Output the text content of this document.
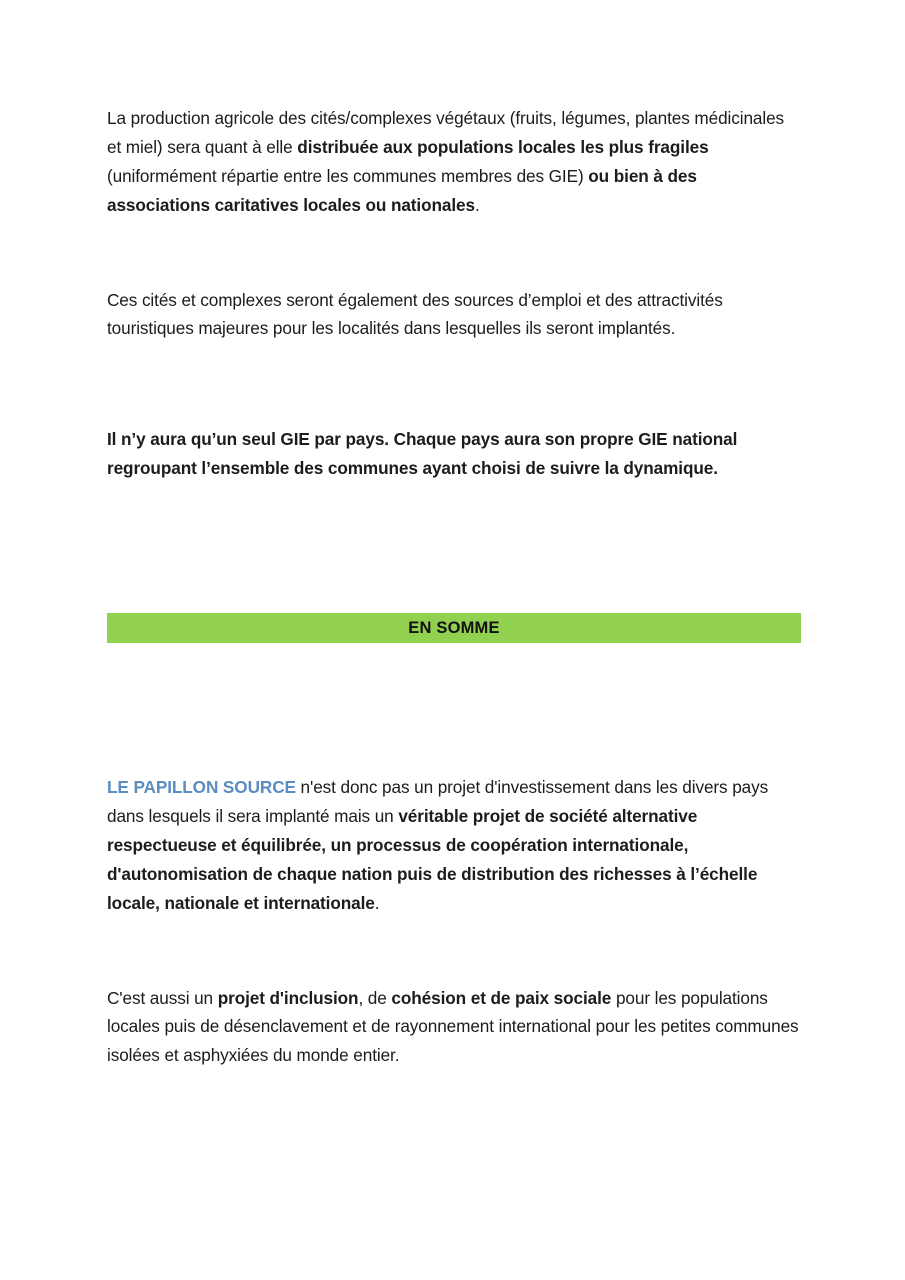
La production agricole des cités/complexes végétaux (fruits, légumes, plantes médicinales et miel) sera quant à elle distribuée aux populations locales les plus fragiles (uniformément répartie entre les communes membres des GIE) ou bien à des associations caritatives locales ou nationales.

Ces cités et complexes seront également des sources d’emploi et des attractivités touristiques majeures pour les localités dans lesquelles ils seront implantés.

Il n’y aura qu’un seul GIE par pays. Chaque pays aura son propre GIE national regroupant l’ensemble des communes ayant choisi de suivre la dynamique.

EN SOMME

LE PAPILLON SOURCE n'est donc pas un projet d'investissement dans les divers pays dans lesquels il sera implanté mais un véritable projet de société alternative respectueuse et équilibrée, un processus de coopération internationale, d'autonomisation de chaque nation puis de distribution des richesses à l’échelle locale, nationale et internationale.

C'est aussi un projet d'inclusion, de cohésion et de paix sociale pour les populations locales puis de désenclavement et de rayonnement international pour les petites communes isolées et asphyxiées du monde entier.
